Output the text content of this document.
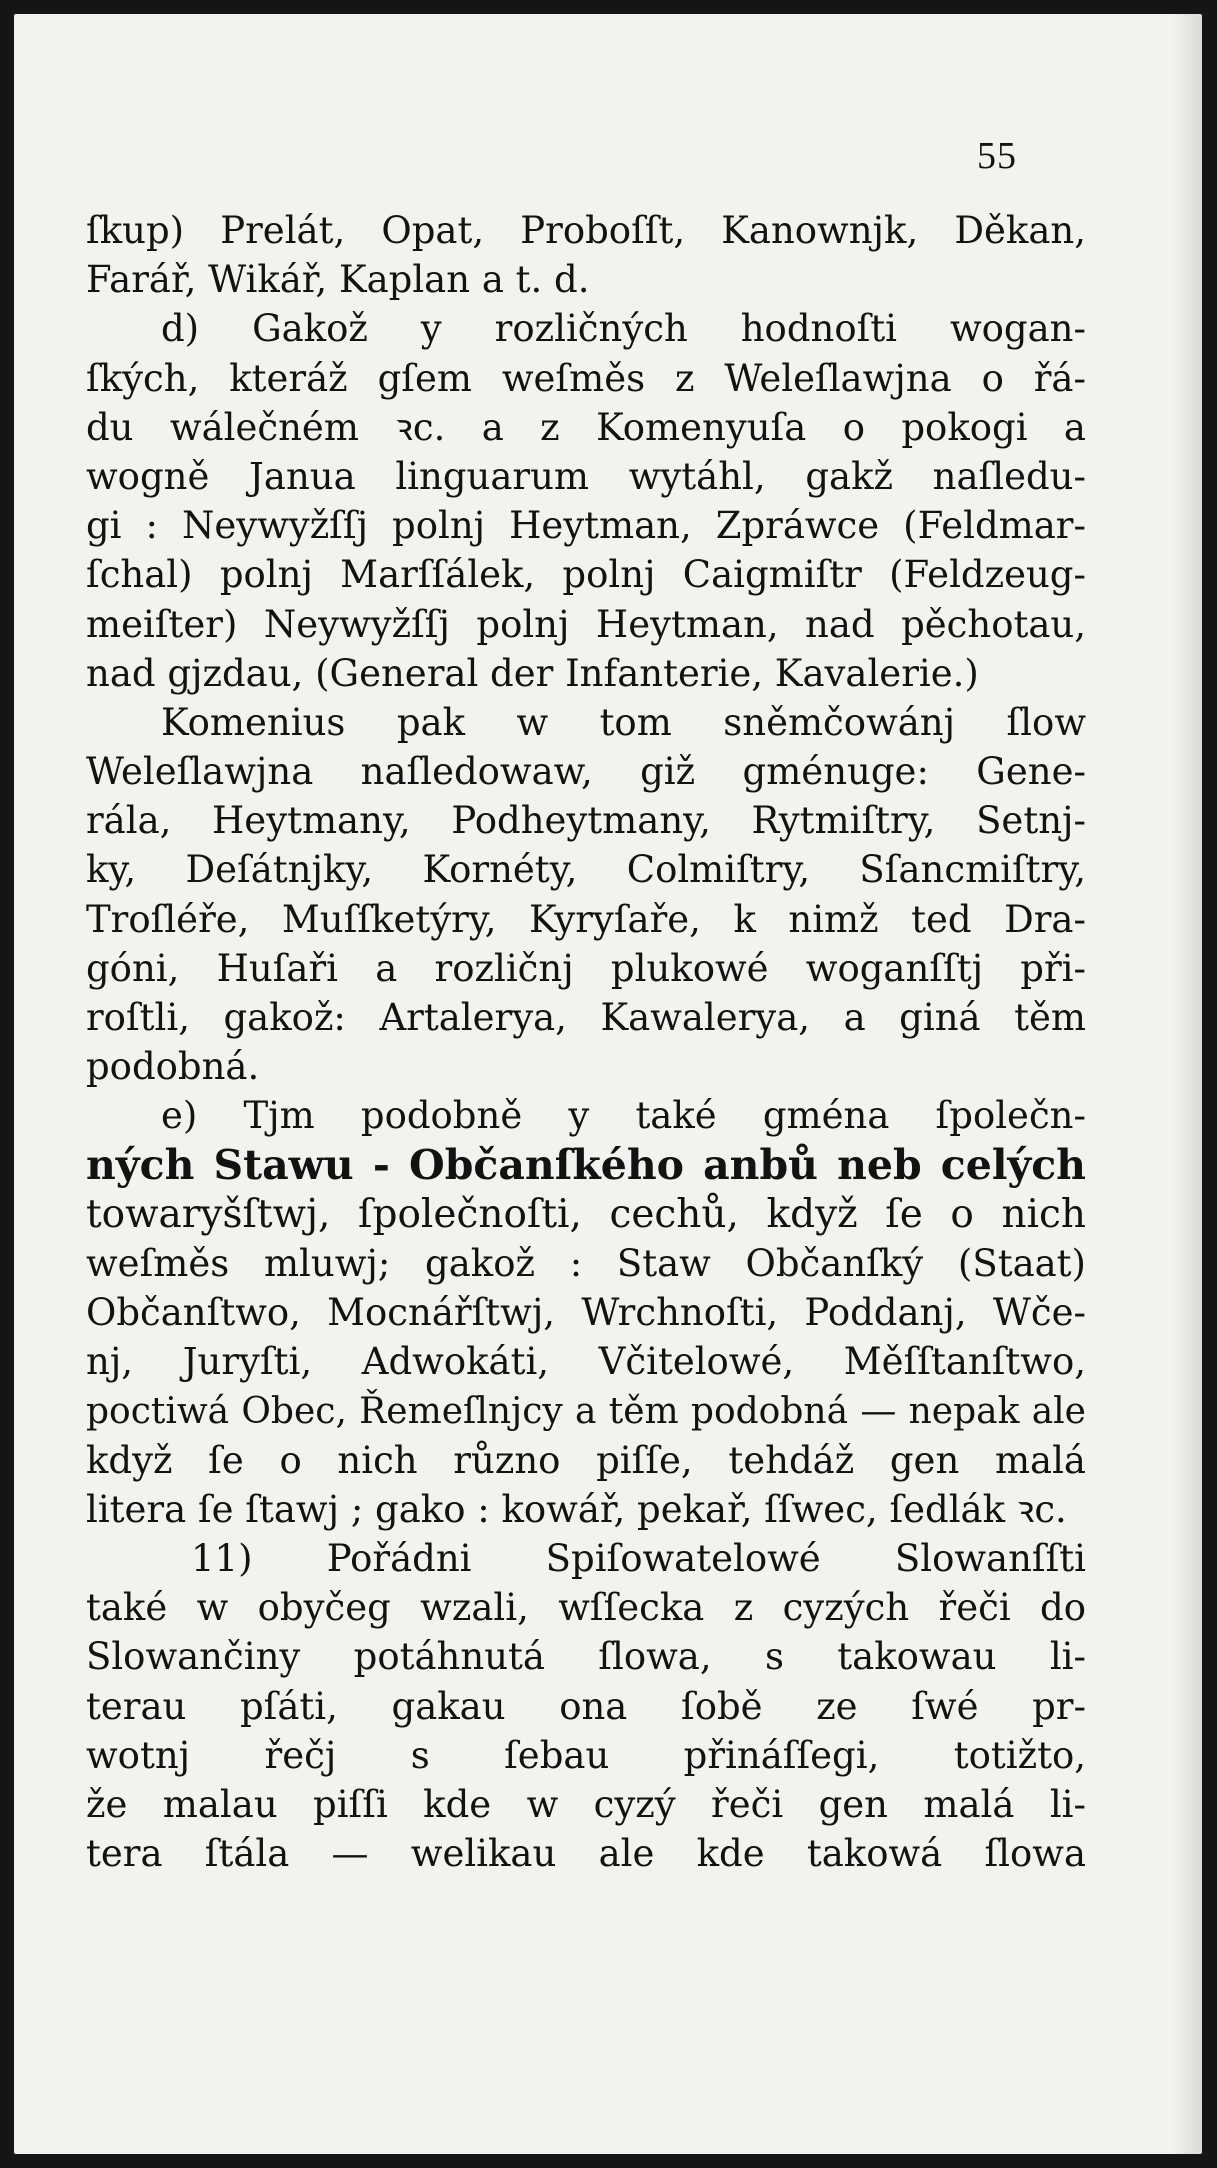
55
ſkup) Prelát, Opat, Proboſſt, Kanownjk, Děkan,
Farář, Wikář, Kaplan a t. d.
d) Gakož y rozličných hodnoſti wogan-
ſkých, kteráž gſem weſměs z Weleſlawjna o řá-
du wálečném ꝛc. a z Komenyuſa o pokogi a
wogně Janua linguarum wytáhl, gakž naſledu-
gi : Neywyžſſj polnj Heytman, Zpráwce (Feldmar-
ſchal) polnj Marſſálek, polnj Caigmiſtr (Feldzeug-
meiſter) Neywyžſſj polnj Heytman, nad pěchotau,
nad gjzdau, (General der Infanterie, Kavalerie.)
Komenius pak w tom sněmčowánj ſlow
Weleſlawjna naſledowaw, giž gménuge: Gene-
rála, Heytmany, Podheytmany, Rytmiſtry, Setnj-
ky, Deſátnjky, Kornéty, Colmiſtry, Sſancmiſtry,
Troſléře, Muſſketýry, Kyryſaře, k nimž ted Dra-
góni, Huſaři a rozličnj plukowé woganſſtj při-
roſtli, gakož: Artalerya, Kawalerya, a giná těm
podobná.
e) Tjm podobně y také gména ſpolečn-
ných Stawu - Občanſkého anbů neb celých
towaryšſtwj, ſpolečnoſti, cechů, když ſe o nich
weſměs mluwj; gakož : Staw Občanſký (Staat)
Občanſtwo, Mocnářſtwj, Wrchnoſti, Poddanj, Wče-
nj, Juryſti, Adwokáti, Včitelowé, Měſſtanſtwo,
poctiwá Obec, Řemeſlnjcy a těm podobná — nepak ale
když ſe o nich různo piſſe, tehdáž gen malá
litera ſe ſtawj ; gako : kowář, pekař, ſſwec, ſedlák ꝛc.
11) Pořádni Spiſowatelowé Slowanſſti
také w obyčeg wzali, wſſecka z cyzých řeči do
Slowančiny potáhnutá ſlowa, s takowau li-
terau pſáti, gakau ona ſobě ze ſwé pr-
wotnj řečj s ſebau přináſſegi, totižto,
že malau piſſi kde w cyzý řeči gen malá li-
tera ſtála — welikau ale kde takowá ſlowa
